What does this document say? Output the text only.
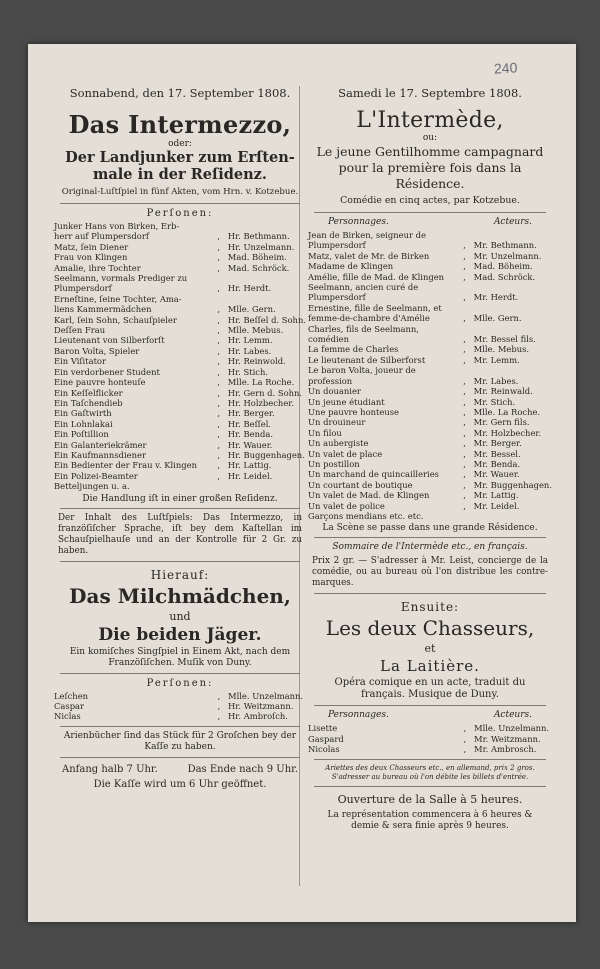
240

Sonnabend, den 17. September 1808.

Das Intermezzo,

oder:

Der Landjunker zum Erſten-

male in der Reſidenz.

Original-Luſtſpiel in fünf Akten, vom Hrn. v. Kotzebue.

Perſonen:

Junker Hans von Birken, Erb-		
herr auf Plumpersdorf	,	Hr. Bethmann.
Matz, ſein Diener	,	Hr. Unzelmann.
Frau von Klingen	,	Mad. Böheim.
Amalie, ihre Tochter	,	Mad. Schröck.
Seelmann, vormals Prediger zu		
Plumpersdorf	,	Hr. Herdt.
Erneſtine, ſeine Tochter, Ama-		
liens Kammermädchen	,	Mlle. Gern.
Karl, ſein Sohn, Schauſpieler	,	Hr. Beſſel d. Sohn.
Deſſen Frau	,	Mlle. Mebus.
Lieutenant von Silberforſt	,	Hr. Lemm.
Baron Volta, Spieler	,	Hr. Labes.
Ein Viſitator	,	Hr. Reinwold.
Ein verdorbener Student	,	Hr. Stich.
Eine pauvre honteuſe	,	Mlle. La Roche.
Ein Keſſelflicker	,	Hr. Gern d. Sohn.
Ein Taſchendieb	,	Hr. Holzbecher.
Ein Gaſtwirth	,	Hr. Berger.
Ein Lohnlakai	,	Hr. Beſſel.
Ein Poſtillion	,	Hr. Benda.
Ein Galanteriekrämer	,	Hr. Wauer.
Ein Kaufmannsdiener	,	Hr. Buggenhagen.
Ein Bedienter der Frau v. Klingen	,	Hr. Lattig.
Ein Polizei-Beamter	,	Hr. Leidel.
Betteljungen u. a.		

Die Handlung iſt in einer großen Reſidenz.

Der Inhalt des Luſtſpiels: Das Intermezzo, in franzöſiſcher Sprache, iſt bey dem Kaſtellan im Schauſpielhauſe und an der Kontrolle für 2 Gr. zu haben.

Hierauf:

Das Milchmädchen,

und

Die beiden Jäger.

Ein komiſches Singſpiel in Einem Akt, nach dem Franzöſiſchen. Muſik von Duny.

Perſonen:

Leſchen	,	Mlle. Unzelmann.
Caspar	,	Hr. Weitzmann.
Niclas	,	Hr. Ambroſch.

Arienbücher ſind das Stück für 2 Groſchen bey der Kaſſe zu haben.

Anfang halb 7 Uhr.	Das Ende nach 9 Uhr.

Die Kaſſe wird um 6 Uhr geöffnet.

Samedi le 17. Septembre 1808.

L'Intermède,

ou:

Le jeune Gentilhomme campagnard

pour la première fois dans la

Résidence.

Comédie en cinq actes, par Kotzebue.

Personnages.	Acteurs.
Jean de Birken, seigneur de		
Plumpersdorf	,	Mr. Bethmann.
Matz, valet de Mr. de Birken	,	Mr. Unzelmann.
Madame de Klingen	,	Mad. Böheim.
Amélie, fille de Mad. de Klingen	,	Mad. Schröck.
Seelmann, ancien curé de		
Plumpersdorf	,	Mr. Herdt.
Ernestine, fille de Seelmann, et		
femme-de-chambre d'Amélie	,	Mlle. Gern.
Charles, fils de Seelmann, comédien	,	Mr. Bessel fils.
La femme de Charles	,	Mlle. Mebus.
Le lieutenant de Silberforst	,	Mr. Lemm.
Le baron Volta, joueur de profession	,	Mr. Labes.
Un douanier	,	Mr. Reinwald.
Un jeune étudiant	,	Mr. Stich.
Une pauvre honteuse	,	Mlle. La Roche.
Un drouineur	,	Mr. Gern fils.
Un filou	,	Mr. Holzbecher.
Un aubergiste	,	Mr. Berger.
Un valet de place	,	Mr. Bessel.
Un postillon	,	Mr. Benda.
Un marchand de quincailleries	,	Mr. Wauer.
Un courtant de boutique	,	Mr. Buggenhagen.
Un valet de Mad. de Klingen	,	Mr. Lattig.
Un valet de police	,	Mr. Leidel.
Garçons mendians etc. etc.		

La Scène se passe dans une grande Résidence.

Sommaire de l'Intermède etc., en français.

Prix 2 gr. — S'adresser à Mr. Leist, concierge de la comédie, ou au bureau où l'on distribue les contre-marques.

Ensuite:

Les deux Chasseurs,

et

La Laitière.

Opéra comique en un acte, traduit du français. Musique de Duny.

Personnages.	Acteurs.
Lisette	,	Mlle. Unzelmann.
Gaspard	,	Mr. Weitzmann.
Nicolas	,	Mr. Ambrosch.

Ariettes des deux Chasseurs etc., en allemand, prix 2 gros. S'adresser au bureau où l'on débite les billets d'entrée.

Ouverture de la Salle à 5 heures.

La représentation commencera à 6 heures & demie & sera finie après 9 heures.
